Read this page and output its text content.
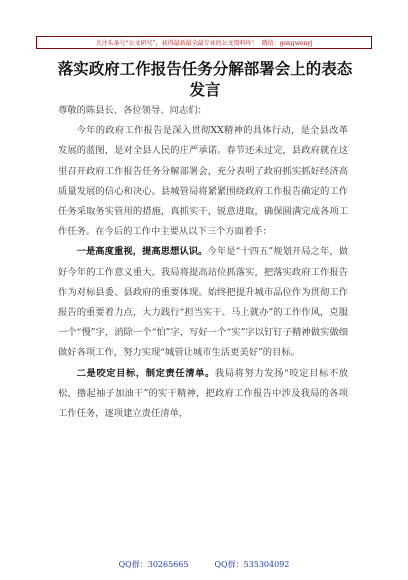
关注头条号“公文研究”，获得最新最全最专业的公文资料库！ 微信：gongwenyj
落实政府工作报告任务分解部署会上的表态发言

尊敬的陈县长、各位领导、同志们：

今年的政府工作报告是深入贯彻XX精神的具体行动，是全县改革发展的蓝图，是对全县人民的庄严承诺。春节还未过完，县政府就在这里召开政府工作报告任务分解部署会，充分表明了政府抓实抓好经济高质量发展的信心和决心。县城管局将紧紧围绕政府工作报告确定的工作任务采取务实管用的措施，真抓实干，锐意进取，确保圆满完成各项工作任务。在今后的工作中主要从以下三个方面着手：

一是高度重视，提高思想认识。今年是“十四五”规划开局之年，做好今年的工作意义重大。我局将提高站位抓落实，把落实政府工作报告作为对标县委、县政府的重要体现。始终把提升城市品位作为贯彻工作报告的重要着力点，大力践行“担当实干、马上就办”的工作作风，克服一个“慢”字，消除一个“怕”字，写好一个“实”字以钉钉子精神做实做细做好各项工作，努力实现“城管让城市生活更美好”的目标。

二是咬定目标，制定责任清单。我局将努力发扬“咬定目标不放松，撸起袖子加油干”的实干精神，把政府工作报告中涉及我局的各项工作任务，逐项建立责任清单，

QQ群：30265665	QQ群：535304092
